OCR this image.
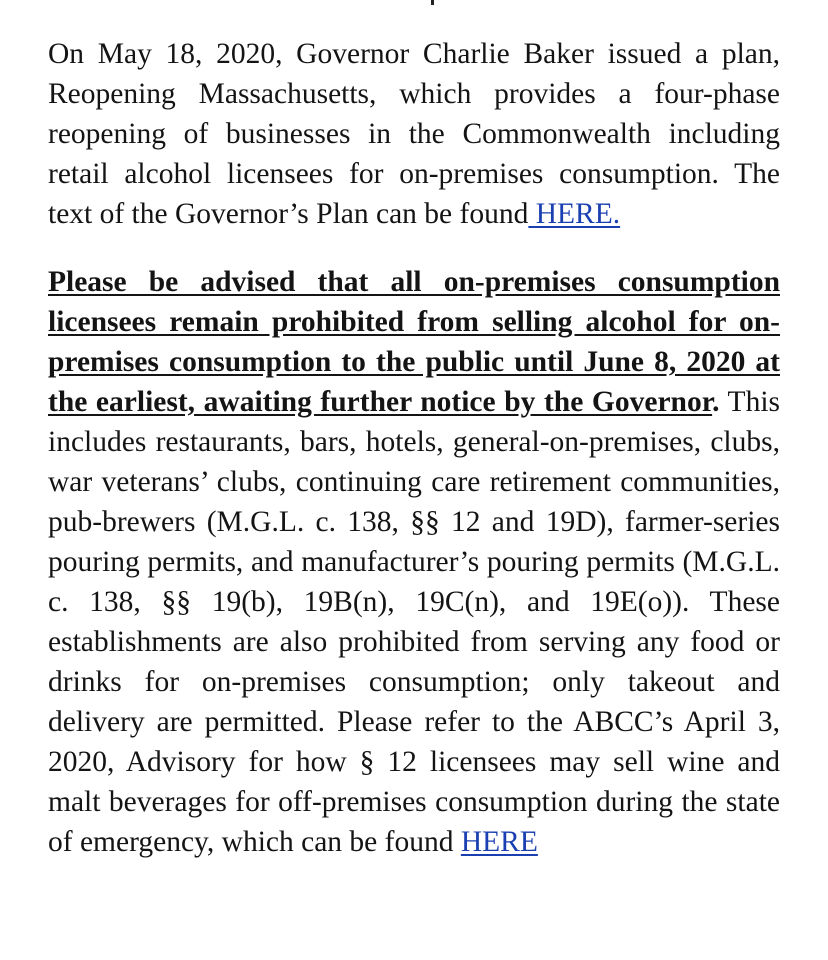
On May 18, 2020, Governor Charlie Baker issued a plan, Reopening Massachusetts, which provides a four-phase reopening of businesses in the Commonwealth including retail alcohol licensees for on-premises consumption. The text of the Governor’s Plan can be found HERE.

Please be advised that all on-premises consumption licensees remain prohibited from selling alcohol for on-premises consumption to the public until June 8, 2020 at the earliest, awaiting further notice by the Governor. This includes restaurants, bars, hotels, general-on-premises, clubs, war veterans’ clubs, continuing care retirement communities, pub-brewers (M.G.L. c. 138, §§ 12 and 19D), farmer-series pouring permits, and manufacturer’s pouring permits (M.G.L. c. 138, §§ 19(b), 19B(n), 19C(n), and 19E(o)). These establishments are also prohibited from serving any food or drinks for on-premises consumption; only takeout and delivery are permitted. Please refer to the ABCC’s April 3, 2020, Advisory for how § 12 licensees may sell wine and malt beverages for off-premises consumption during the state of emergency, which can be found HERE
